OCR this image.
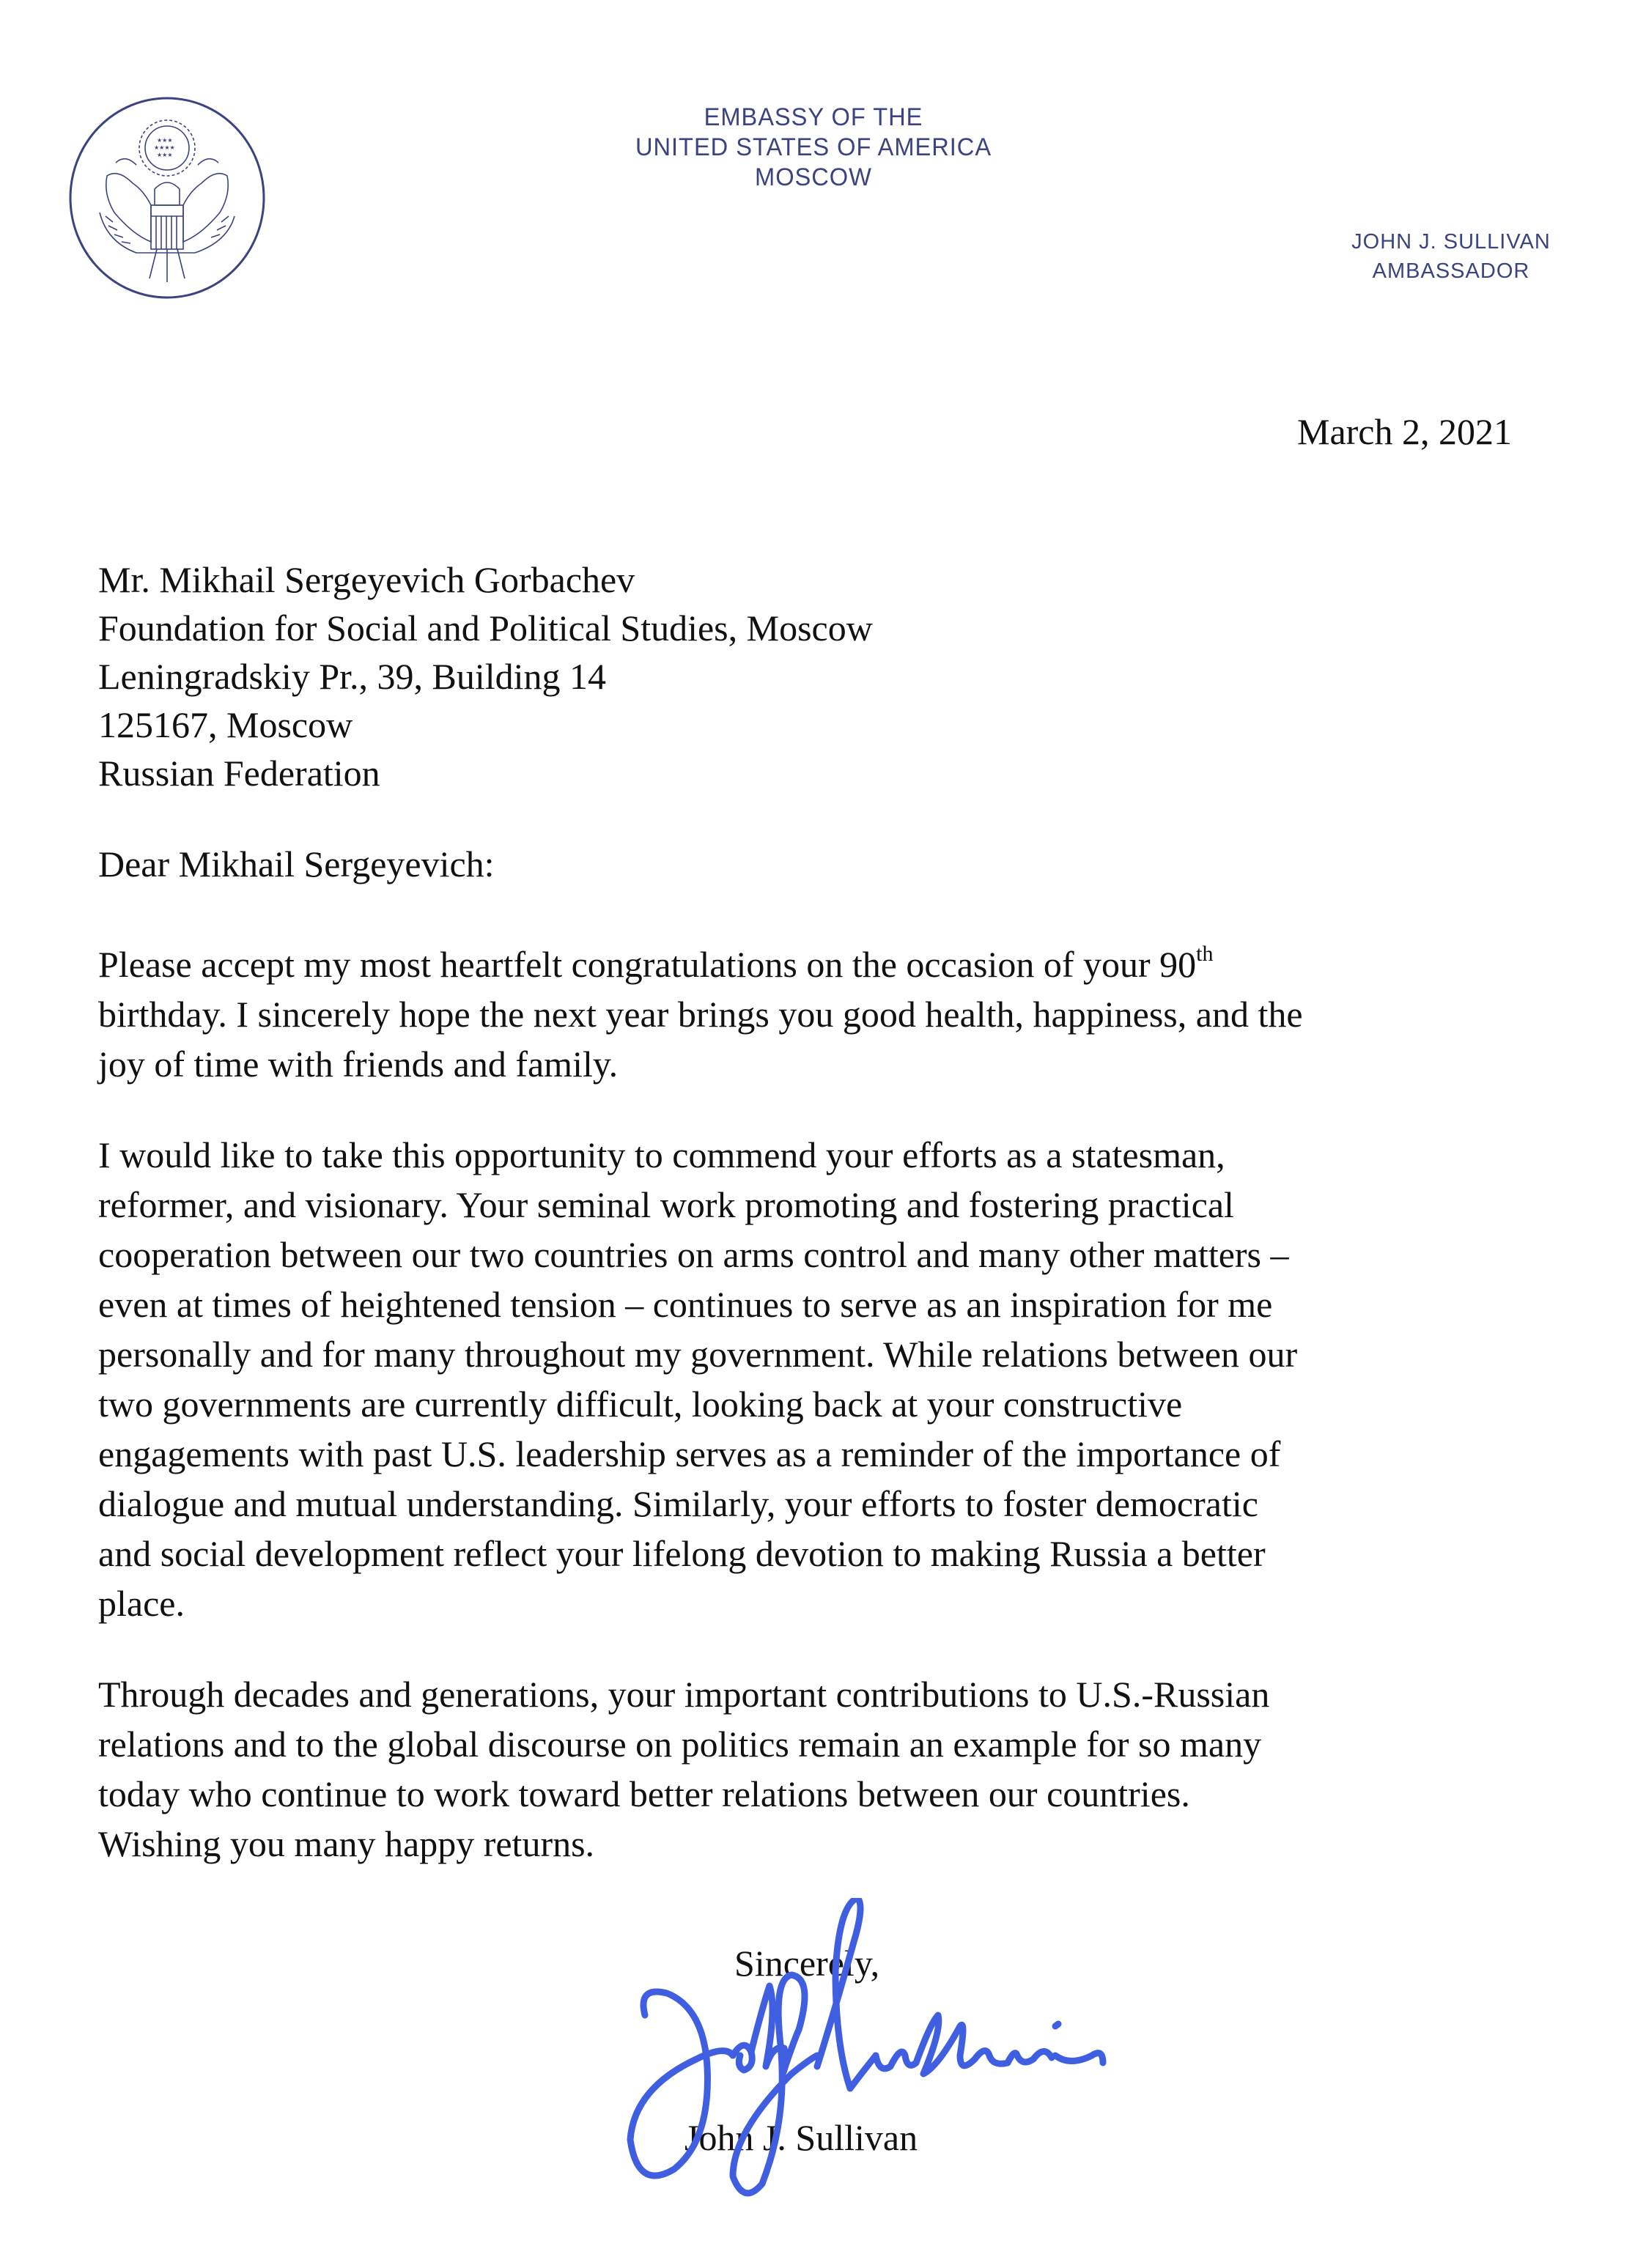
★★★
★★★★
★★★
EMBASSY OF THE
UNITED STATES OF AMERICA
MOSCOW
JOHN J. SULLIVAN
AMBASSADOR
March 2, 2021
Mr. Mikhail Sergeyevich Gorbachev
Foundation for Social and Political Studies, Moscow
Leningradskiy Pr., 39, Building 14
125167, Moscow
Russian Federation
Dear Mikhail Sergeyevich:
Please accept my most heartfelt congratulations on the occasion of your 90th
birthday. I sincerely hope the next year brings you good health, happiness, and the
joy of time with friends and family.
I would like to take this opportunity to commend your efforts as a statesman,
reformer, and visionary. Your seminal work promoting and fostering practical
cooperation between our two countries on arms control and many other matters –
even at times of heightened tension – continues to serve as an inspiration for me
personally and for many throughout my government. While relations between our
two governments are currently difficult, looking back at your constructive
engagements with past U.S. leadership serves as a reminder of the importance of
dialogue and mutual understanding. Similarly, your efforts to foster democratic
and social development reflect your lifelong devotion to making Russia a better
place.
Through decades and generations, your important contributions to U.S.-Russian
relations and to the global discourse on politics remain an example for so many
today who continue to work toward better relations between our countries.
Wishing you many happy returns.
Sincerely,
John J. Sullivan
